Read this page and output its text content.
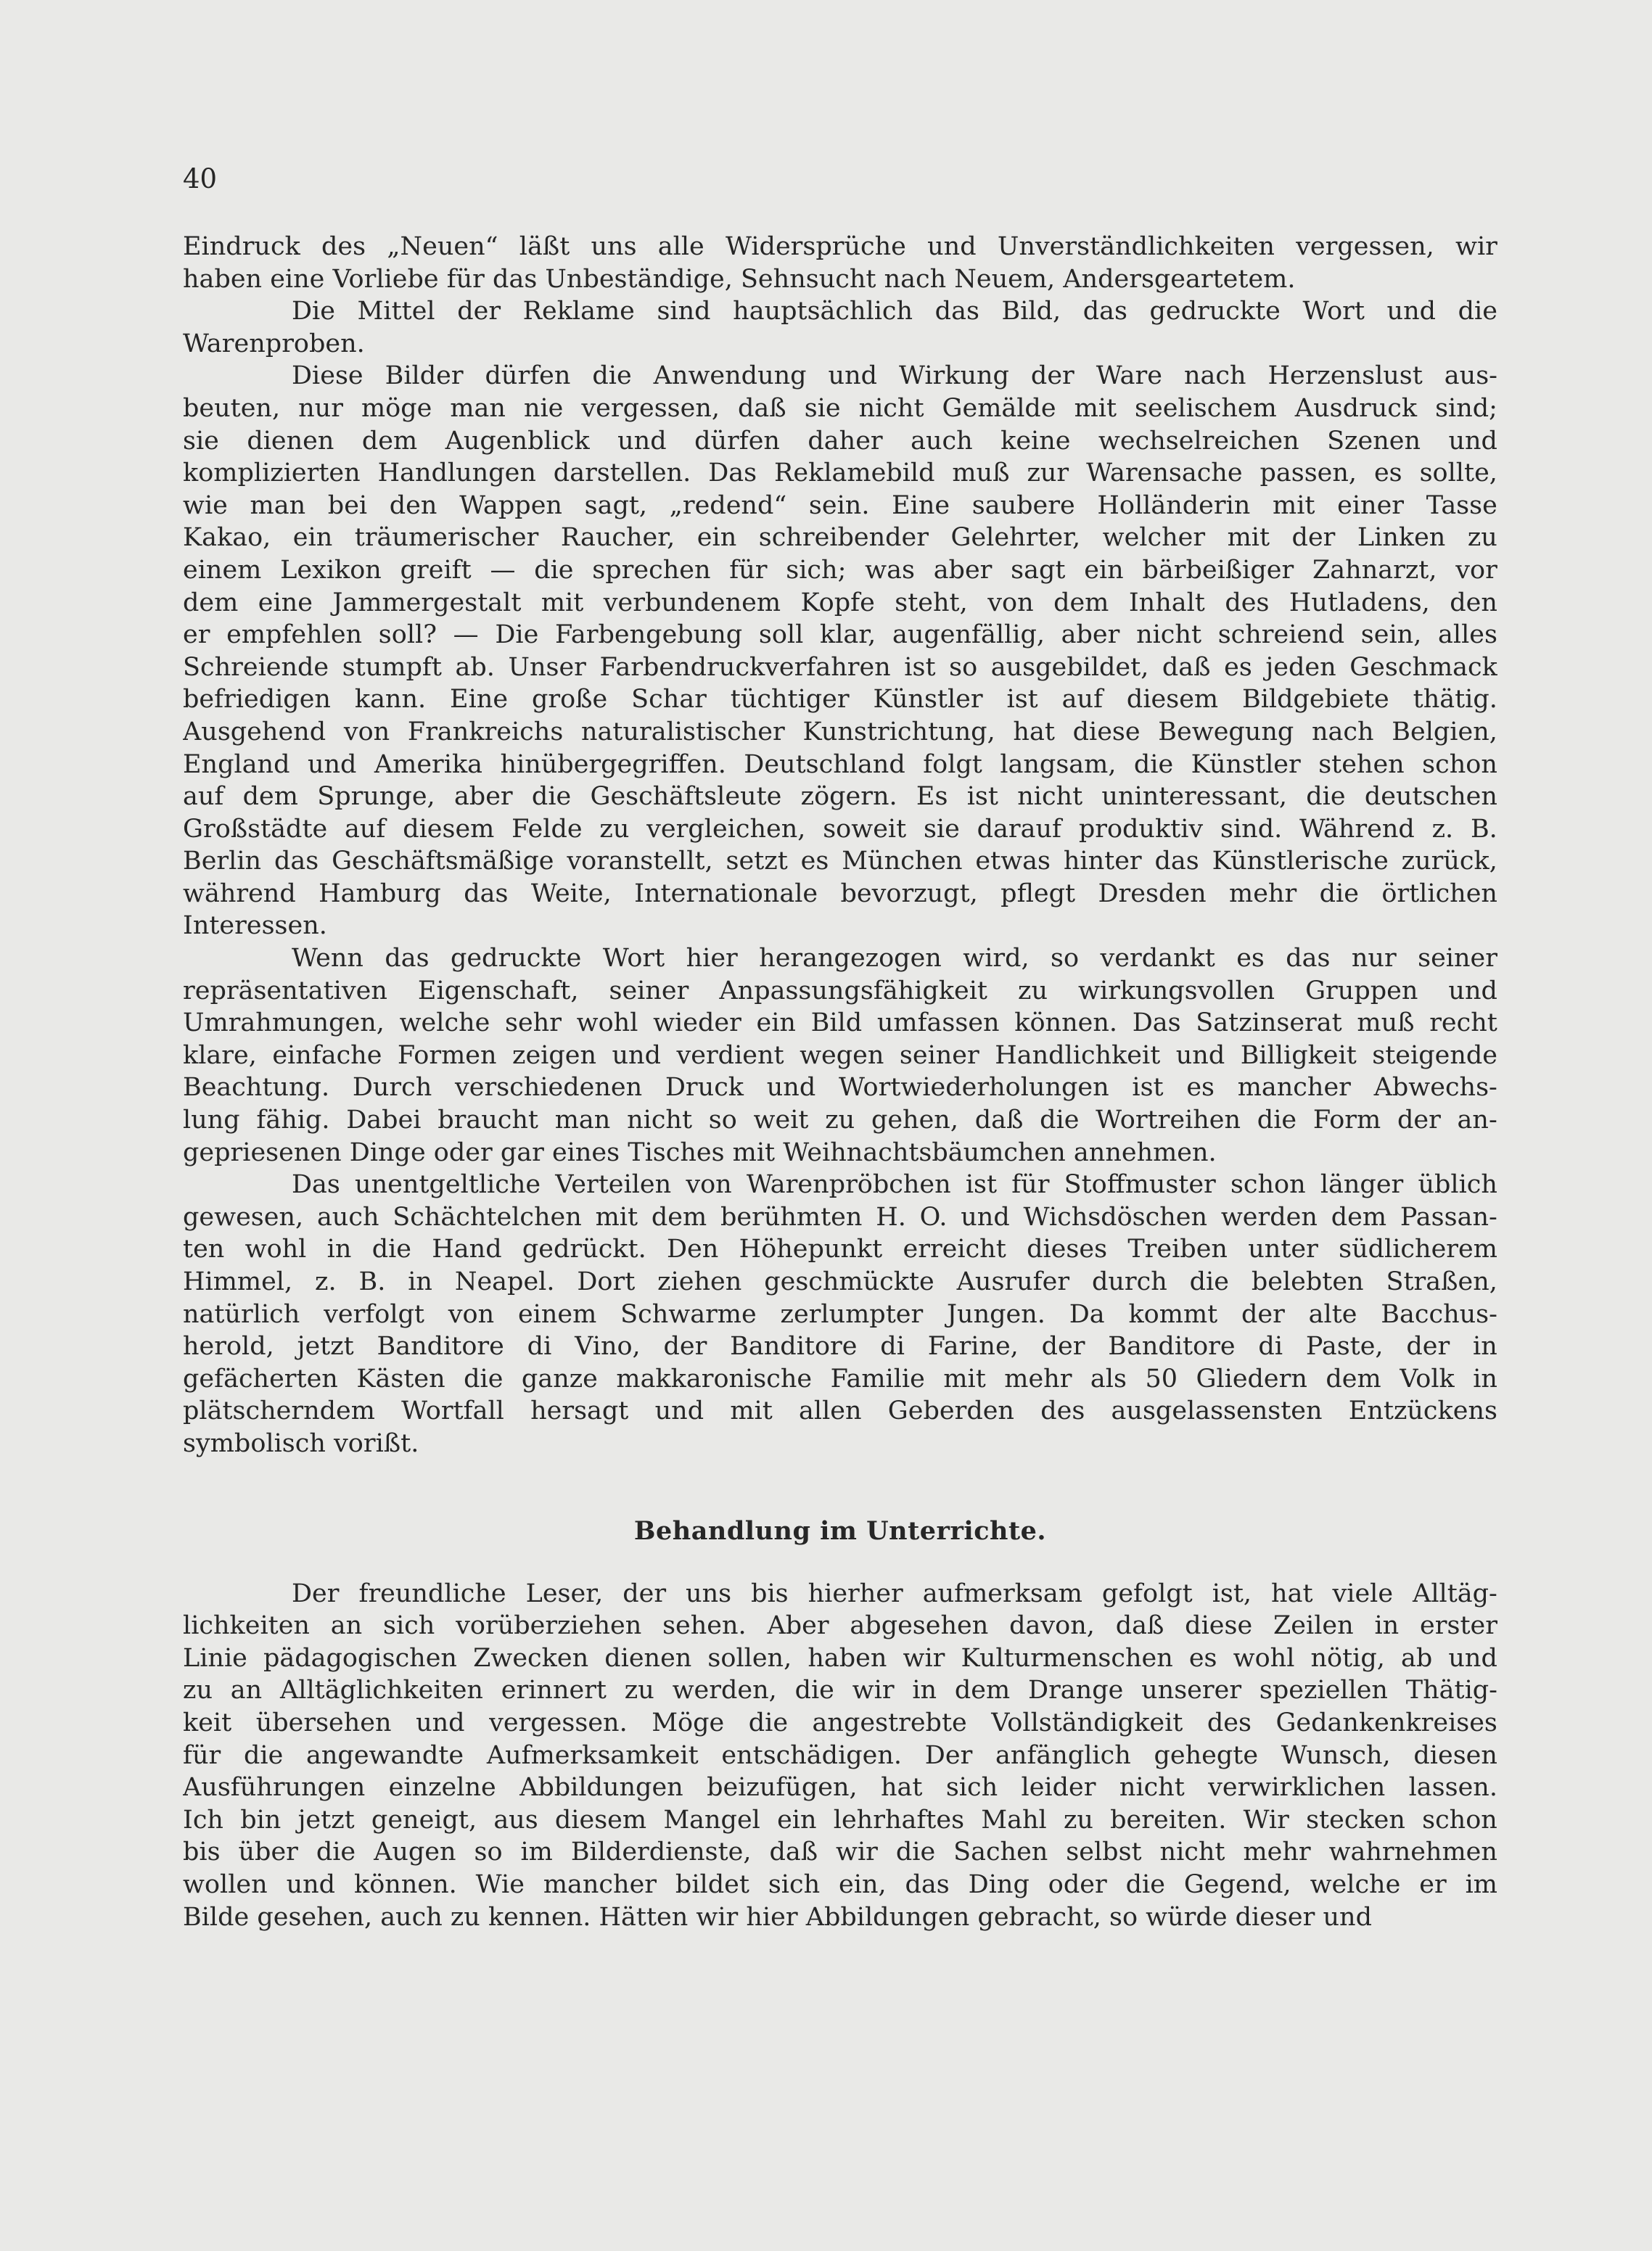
40
Eindruck des „Neuen“ läßt uns alle Widersprüche und Unverständlichkeiten vergessen, wir
haben eine Vorliebe für das Unbeständige, Sehnsucht nach Neuem, Andersgeartetem.
Die Mittel der Reklame sind hauptsächlich das Bild, das gedruckte Wort und die
Warenproben.
Diese Bilder dürfen die Anwendung und Wirkung der Ware nach Herzenslust aus-
beuten, nur möge man nie vergessen, daß sie nicht Gemälde mit seelischem Ausdruck sind;
sie dienen dem Augenblick und dürfen daher auch keine wechselreichen Szenen und
komplizierten Handlungen darstellen. Das Reklamebild muß zur Warensache passen, es sollte,
wie man bei den Wappen sagt, „redend“ sein. Eine saubere Holländerin mit einer Tasse
Kakao, ein träumerischer Raucher, ein schreibender Gelehrter, welcher mit der Linken zu
einem Lexikon greift — die sprechen für sich; was aber sagt ein bärbeißiger Zahnarzt, vor
dem eine Jammergestalt mit verbundenem Kopfe steht, von dem Inhalt des Hutladens, den
er empfehlen soll? — Die Farbengebung soll klar, augenfällig, aber nicht schreiend sein, alles
Schreiende stumpft ab. Unser Farbendruckverfahren ist so ausgebildet, daß es jeden Geschmack
befriedigen kann. Eine große Schar tüchtiger Künstler ist auf diesem Bildgebiete thätig.
Ausgehend von Frankreichs naturalistischer Kunstrichtung, hat diese Bewegung nach Belgien,
England und Amerika hinübergegriffen. Deutschland folgt langsam, die Künstler stehen schon
auf dem Sprunge, aber die Geschäftsleute zögern. Es ist nicht uninteressant, die deutschen
Großstädte auf diesem Felde zu vergleichen, soweit sie darauf produktiv sind. Während z. B.
Berlin das Geschäftsmäßige voranstellt, setzt es München etwas hinter das Künstlerische zurück,
während Hamburg das Weite, Internationale bevorzugt, pflegt Dresden mehr die örtlichen
Interessen.
Wenn das gedruckte Wort hier herangezogen wird, so verdankt es das nur seiner
repräsentativen Eigenschaft, seiner Anpassungsfähigkeit zu wirkungsvollen Gruppen und
Umrahmungen, welche sehr wohl wieder ein Bild umfassen können. Das Satzinserat muß recht
klare, einfache Formen zeigen und verdient wegen seiner Handlichkeit und Billigkeit steigende
Beachtung. Durch verschiedenen Druck und Wortwiederholungen ist es mancher Abwechs-
lung fähig. Dabei braucht man nicht so weit zu gehen, daß die Wortreihen die Form der an-
gepriesenen Dinge oder gar eines Tisches mit Weihnachtsbäumchen annehmen.
Das unentgeltliche Verteilen von Warenpröbchen ist für Stoffmuster schon länger üblich
gewesen, auch Schächtelchen mit dem berühmten H. O. und Wichsdöschen werden dem Passan-
ten wohl in die Hand gedrückt. Den Höhepunkt erreicht dieses Treiben unter südlicherem
Himmel, z. B. in Neapel. Dort ziehen geschmückte Ausrufer durch die belebten Straßen,
natürlich verfolgt von einem Schwarme zerlumpter Jungen. Da kommt der alte Bacchus-
herold, jetzt Banditore di Vino, der Banditore di Farine, der Banditore di Paste, der in
gefächerten Kästen die ganze makkaronische Familie mit mehr als 50 Gliedern dem Volk in
plätscherndem Wortfall hersagt und mit allen Geberden des ausgelassensten Entzückens
symbolisch vorißt.
Behandlung im Unterrichte.
Der freundliche Leser, der uns bis hierher aufmerksam gefolgt ist, hat viele Alltäg-
lichkeiten an sich vorüberziehen sehen. Aber abgesehen davon, daß diese Zeilen in erster
Linie pädagogischen Zwecken dienen sollen, haben wir Kulturmenschen es wohl nötig, ab und
zu an Alltäglichkeiten erinnert zu werden, die wir in dem Drange unserer speziellen Thätig-
keit übersehen und vergessen. Möge die angestrebte Vollständigkeit des Gedankenkreises
für die angewandte Aufmerksamkeit entschädigen. Der anfänglich gehegte Wunsch, diesen
Ausführungen einzelne Abbildungen beizufügen, hat sich leider nicht verwirklichen lassen.
Ich bin jetzt geneigt, aus diesem Mangel ein lehrhaftes Mahl zu bereiten. Wir stecken schon
bis über die Augen so im Bilderdienste, daß wir die Sachen selbst nicht mehr wahrnehmen
wollen und können. Wie mancher bildet sich ein, das Ding oder die Gegend, welche er im
Bilde gesehen, auch zu kennen. Hätten wir hier Abbildungen gebracht, so würde dieser und
